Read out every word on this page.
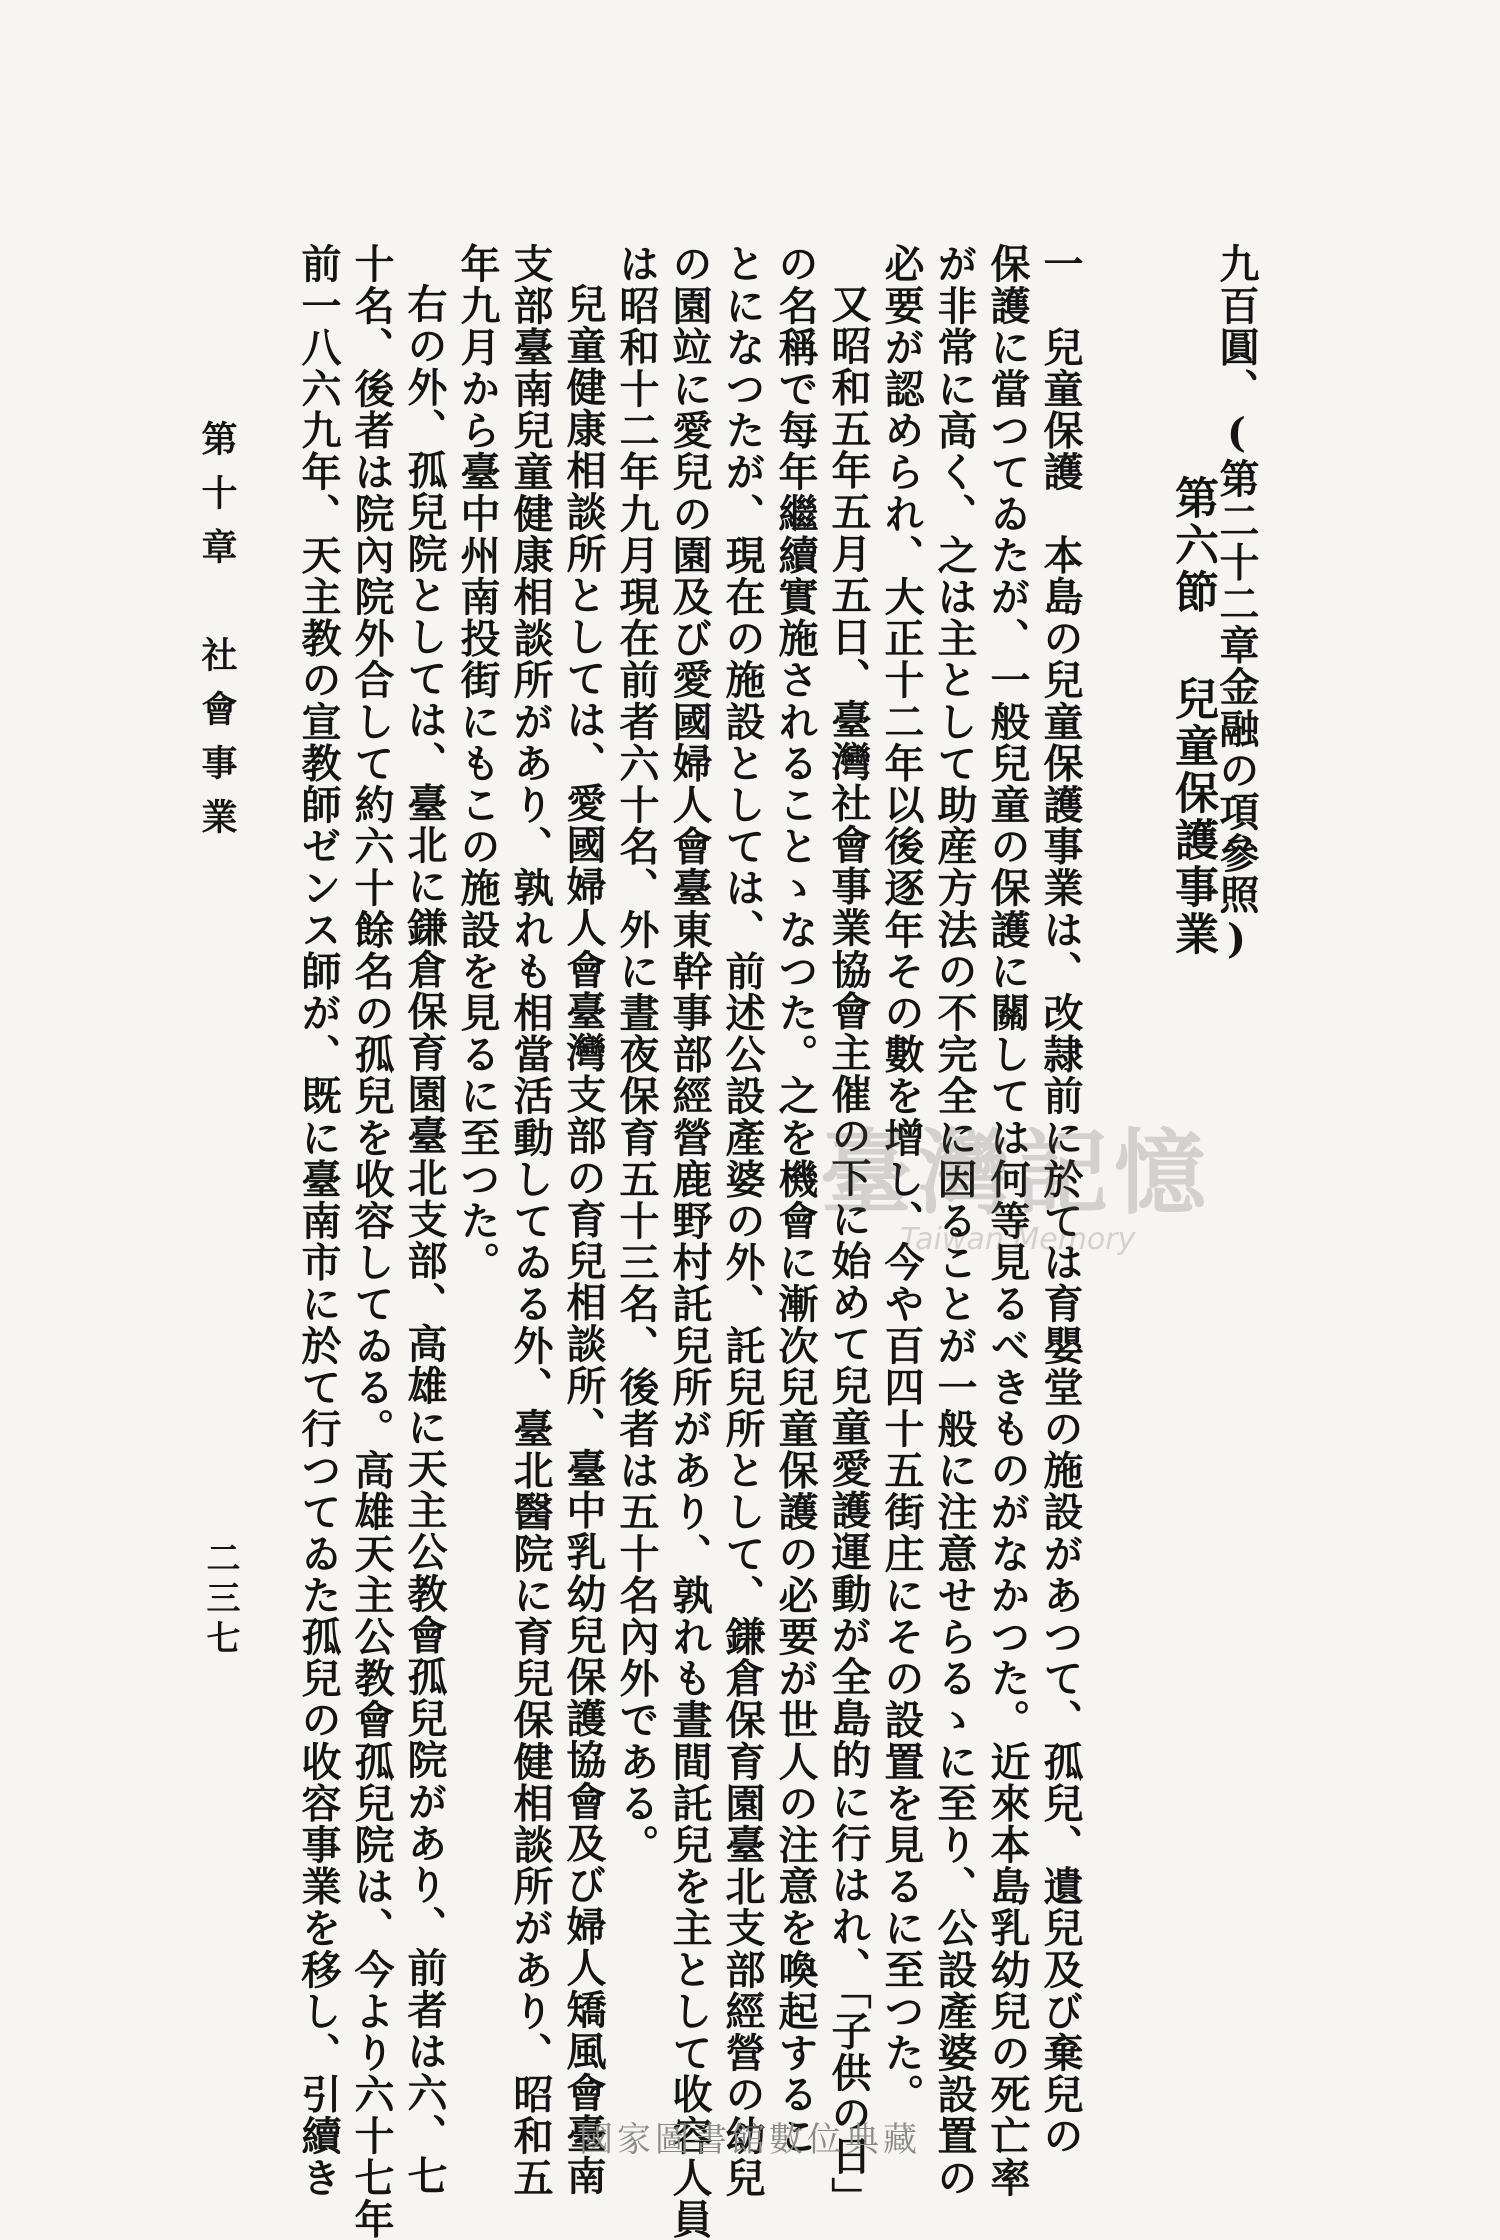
九百圓、(第二十二章金融の項參照)
第六節兒童保護事業
一　兒童保護　本島の兒童保護事業は、改隷前に於ては育嬰堂の施設があつて、孤兒、遺兒及び棄兒の
保護に當つてゐたが、一般兒童の保護に關しては何等見るべきものがなかつた。近來本島乳幼兒の死亡率
が非常に高く、之は主として助産方法の不完全に因ることが一般に注意せらるゝに至り、公設產婆設置の
必要が認められ、大正十二年以後逐年その數を增し、今や百四十五街庄にその設置を見るに至つた。
又昭和五年五月五日、臺灣社會事業協會主催の下に始めて兒童愛護運動が全島的に行はれ、「子供の日」
の名稱で每年繼續實施されることゝなつた。之を機會に漸次兒童保護の必要が世人の注意を喚起するこ
とになつたが、現在の施設としては、前述公設產婆の外、託兒所として、鎌倉保育園臺北支部經營の幼兒
の園竝に愛兒の園及び愛國婦人會臺東幹事部經營鹿野村託兒所があり、孰れも晝間託兒を主として收容人員
は昭和十二年九月現在前者六十名、外に晝夜保育五十三名、後者は五十名內外である。
兒童健康相談所としては、愛國婦人會臺灣支部の育兒相談所、臺中乳幼兒保護協會及び婦人矯風會臺南
支部臺南兒童健康相談所があり、孰れも相當活動してゐる外、臺北醫院に育兒保健相談所があり、昭和五
年九月から臺中州南投街にもこの施設を見るに至つた。
右の外、孤兒院としては、臺北に鎌倉保育園臺北支部、高雄に天主公教會孤兒院があり、前者は六、七
十名、後者は院內院外合して約六十餘名の孤兒を收容してゐる。高雄天主公教會孤兒院は、今より六十七年
前一八六九年、天主教の宣教師ゼンス師が、既に臺南市に於て行つてゐた孤兒の收容事業を移し、引續き
第十章　社會事業
二三七
臺灣記憶
Taiwan Memory
國家圖書館數位典藏
